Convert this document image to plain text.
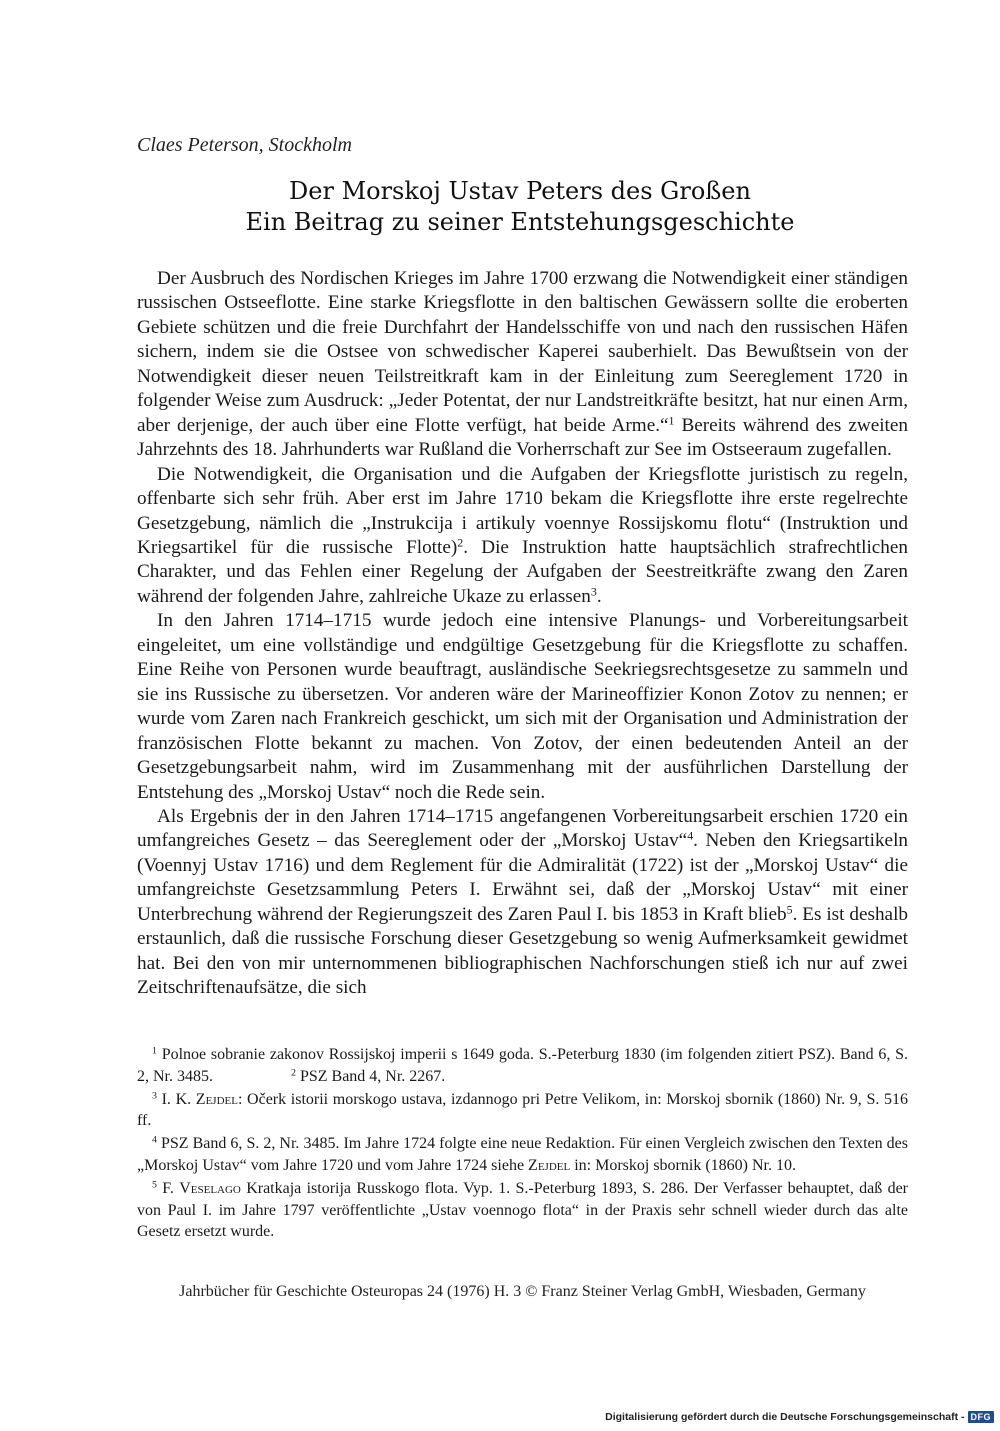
Claes Peterson, Stockholm
Der Morskoj Ustav Peters des Großen
Ein Beitrag zu seiner Entstehungsgeschichte

Der Ausbruch des Nordischen Krieges im Jahre 1700 erzwang die Notwendigkeit einer ständigen russischen Ostseeflotte. Eine starke Kriegsflotte in den baltischen Gewässern sollte die eroberten Gebiete schützen und die freie Durchfahrt der Handelsschiffe von und nach den russischen Häfen sichern, indem sie die Ostsee von schwedischer Kaperei sauberhielt. Das Bewußtsein von der Notwendigkeit dieser neuen Teilstreitkraft kam in der Einleitung zum Seereglement 1720 in folgender Weise zum Ausdruck: „Jeder Potentat, der nur Landstreitkräfte besitzt, hat nur einen Arm, aber derjenige, der auch über eine Flotte verfügt, hat beide Arme.“$^1$ Bereits während des zweiten Jahrzehnts des 18. Jahrhunderts war Rußland die Vorherrschaft zur See im Ostseeraum zugefallen.

Die Notwendigkeit, die Organisation und die Aufgaben der Kriegsflotte juristisch zu regeln, offenbarte sich sehr früh. Aber erst im Jahre 1710 bekam die Kriegsflotte ihre erste regelrechte Gesetzgebung, nämlich die „Instrukcija i artikuly voennye Rossijskomu flotu“ (Instruktion und Kriegsartikel für die russische Flotte)$^2$. Die Instruktion hatte hauptsächlich strafrechtlichen Charakter, und das Fehlen einer Regelung der Aufgaben der Seestreitkräfte zwang den Zaren während der folgenden Jahre, zahlreiche Ukaze zu erlassen$^3$.

In den Jahren 1714–1715 wurde jedoch eine intensive Planungs- und Vorbereitungsarbeit eingeleitet, um eine vollständige und endgültige Gesetzgebung für die Kriegsflotte zu schaffen. Eine Reihe von Personen wurde beauftragt, ausländische Seekriegsrechtsgesetze zu sammeln und sie ins Russische zu übersetzen. Vor anderen wäre der Marineoffizier Konon Zotov zu nennen; er wurde vom Zaren nach Frankreich geschickt, um sich mit der Organisation und Administration der französischen Flotte bekannt zu machen. Von Zotov, der einen bedeutenden Anteil an der Gesetzgebungsarbeit nahm, wird im Zusammenhang mit der ausführlichen Darstellung der Entstehung des „Morskoj Ustav“ noch die Rede sein.

Als Ergebnis der in den Jahren 1714–1715 angefangenen Vorbereitungsarbeit erschien 1720 ein umfangreiches Gesetz – das Seereglement oder der „Morskoj Ustav“$^4$. Neben den Kriegsartikeln (Voennyj Ustav 1716) und dem Reglement für die Admiralität (1722) ist der „Morskoj Ustav“ die umfangreichste Gesetzsammlung Peters I. Erwähnt sei, daß der „Morskoj Ustav“ mit einer Unterbrechung während der Regierungszeit des Zaren Paul I. bis 1853 in Kraft blieb$^5$. Es ist deshalb erstaunlich, daß die russische Forschung dieser Gesetzgebung so wenig Aufmerksamkeit gewidmet hat. Bei den von mir unternommenen bibliographischen Nachforschungen stieß ich nur auf zwei Zeitschriftenaufsätze, die sich

$^1$ Polnoe sobranie zakonov Rossijskoj imperii s 1649 goda. S.-Peterburg 1830 (im folgenden zitiert PSZ). Band 6, S. 2, Nr. 3485.	$^2$ PSZ Band 4, Nr. 2267.

$^3$ I. K. Zejdel: Očerk istorii morskogo ustava, izdannogo pri Petre Velikom, in: Morskoj sbornik (1860) Nr. 9, S. 516 ff.

$^4$ PSZ Band 6, S. 2, Nr. 3485. Im Jahre 1724 folgte eine neue Redaktion. Für einen Vergleich zwischen den Texten des „Morskoj Ustav“ vom Jahre 1720 und vom Jahre 1724 siehe Zejdel in: Morskoj sbornik (1860) Nr. 10.

$^5$ F. Veselago Kratkaja istorija Russkogo flota. Vyp. 1. S.-Peterburg 1893, S. 286. Der Verfasser behauptet, daß der von Paul I. im Jahre 1797 veröffentlichte „Ustav voennogo flota“ in der Praxis sehr schnell wieder durch das alte Gesetz ersetzt wurde.

Jahrbücher für Geschichte Osteuropas 24 (1976) H. 3 © Franz Steiner Verlag GmbH, Wiesbaden, Germany
Digitalisierung gefördert durch die Deutsche Forschungsgemeinschaft - DFG
